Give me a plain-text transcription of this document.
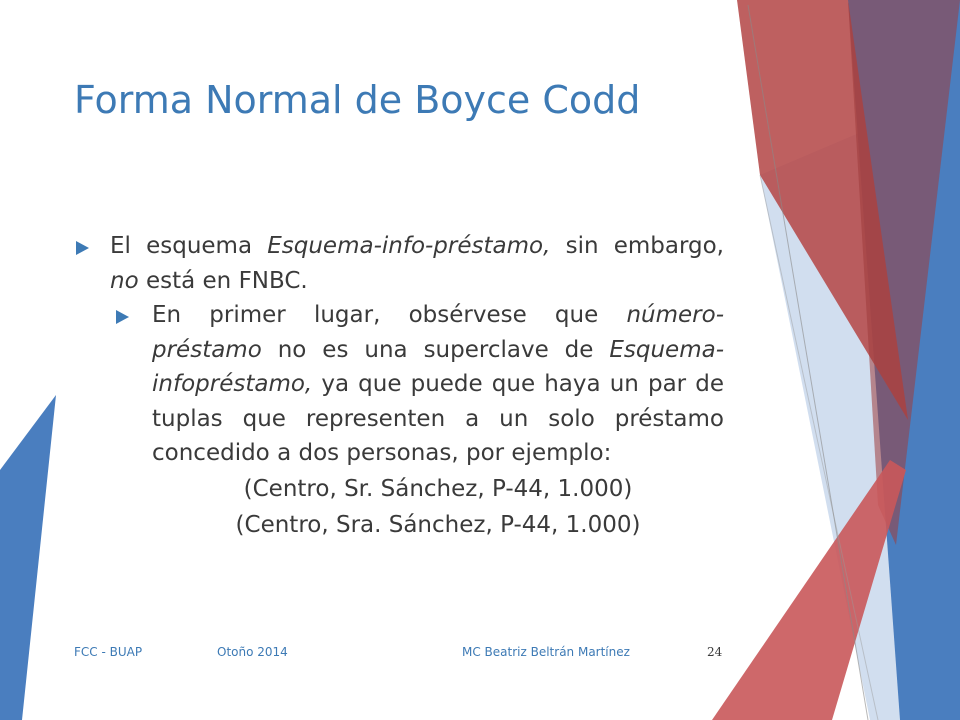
Forma Normal de Boyce Codd
El esquema Esquema-info-préstamo, sin embargo, no está en FNBC.
En primer lugar, obsérvese que número-préstamo no es una superclave de Esquema-infopréstamo, ya que puede que haya un par de tuplas que representen a un solo préstamo concedido a dos personas, por ejemplo:
(Centro, Sr. Sánchez, P-44, 1.000)
(Centro, Sra. Sánchez, P-44, 1.000)
FCC - BUAP	Otoño 2014	MC Beatriz Beltrán Martínez	24
